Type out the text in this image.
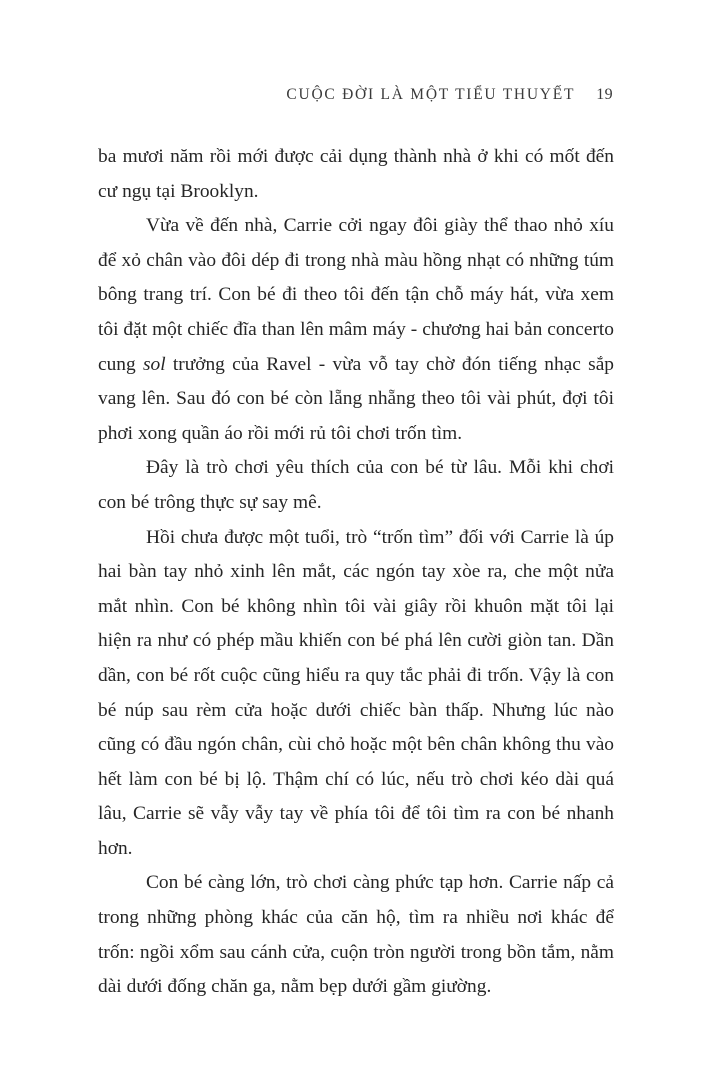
CUỘC ĐỜI LÀ MỘT TIỂU THUYẾT 19

ba mươi năm rồi mới được cải dụng thành nhà ở khi có mốt đến cư ngụ tại Brooklyn.

Vừa về đến nhà, Carrie cởi ngay đôi giày thể thao nhỏ xíu để xỏ chân vào đôi dép đi trong nhà màu hồng nhạt có những túm bông trang trí. Con bé đi theo tôi đến tận chỗ máy hát, vừa xem tôi đặt một chiếc đĩa than lên mâm máy - chương hai bản concerto cung sol trưởng của Ravel - vừa vỗ tay chờ đón tiếng nhạc sắp vang lên. Sau đó con bé còn lẵng nhẵng theo tôi vài phút, đợi tôi phơi xong quần áo rồi mới rủ tôi chơi trốn tìm.

Đây là trò chơi yêu thích của con bé từ lâu. Mỗi khi chơi con bé trông thực sự say mê.

Hồi chưa được một tuổi, trò “trốn tìm” đối với Carrie là úp hai bàn tay nhỏ xinh lên mắt, các ngón tay xòe ra, che một nửa mắt nhìn. Con bé không nhìn tôi vài giây rồi khuôn mặt tôi lại hiện ra như có phép mầu khiến con bé phá lên cười giòn tan. Dần dần, con bé rốt cuộc cũng hiểu ra quy tắc phải đi trốn. Vậy là con bé núp sau rèm cửa hoặc dưới chiếc bàn thấp. Nhưng lúc nào cũng có đầu ngón chân, cùi chỏ hoặc một bên chân không thu vào hết làm con bé bị lộ. Thậm chí có lúc, nếu trò chơi kéo dài quá lâu, Carrie sẽ vẫy vẫy tay về phía tôi để tôi tìm ra con bé nhanh hơn.

Con bé càng lớn, trò chơi càng phức tạp hơn. Carrie nấp cả trong những phòng khác của căn hộ, tìm ra nhiều nơi khác để trốn: ngồi xổm sau cánh cửa, cuộn tròn người trong bồn tắm, nằm dài dưới đống chăn ga, nằm bẹp dưới gầm giường.
